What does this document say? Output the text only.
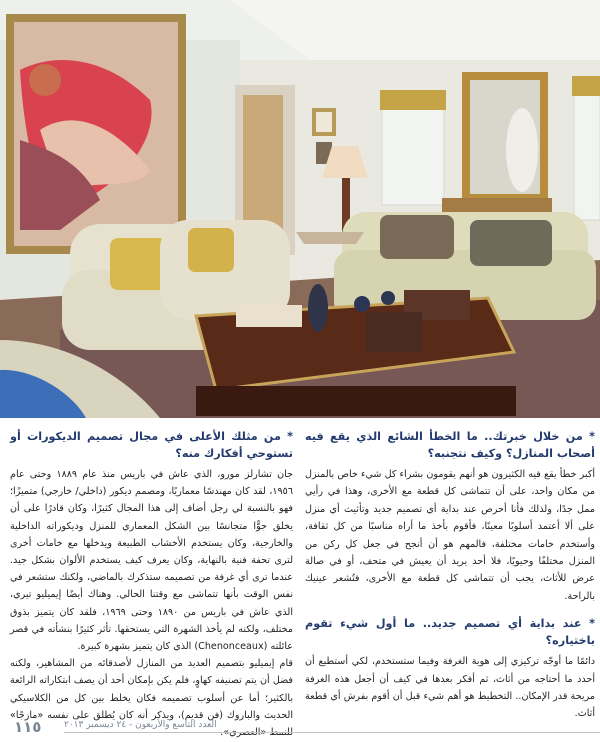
* من خلال خبرتك.. ما الخطأ الشائع الذي يقع فيه أصحاب المنازل؟ وكيف نتجنبه؟

أكبر خطأ يقع فيه الكثيرون هو أنهم يقومون بشراء كل شيء خاص بالمنزل من مكان واحد، على أن تتماشى كل قطعة مع الأخرى، وهذا في رأيي ممل جدًا، ولذلك فأنا أحرص عند بداية أي تصميم جديد وتأثيث أي منزل على ألا أعتمد أسلوبًا معينًا، فأقوم بأخذ ما أراه مناسبًا من كل ثقافة، وأستخدم خامات مختلفة، فالمهم هو أن أنجح في جعل كل ركن من المنزل مختلفًا وحيويًا، فلا أحد يريد أن يعيش في متحف، أو في صالة عرض للأثاث، يجب أن تتماشى كل قطعة مع الأخرى، فتُشعر عينيك بالراحة.

* عند بداية أي تصميم جديد.. ما أول شيء تقوم باختياره؟

دائمًا ما أوجّه تركيزي إلى هوية الغرفة وفيما ستستخدم، لكي أستطيع أن أحدد ما أحتاجه من أثاث، ثم أفكر بعدها في كيف أن أجعل هذه الغرفة مريحة قدر الإمكان.. التخطيط هو أهم شيء قبل أن أقوم بفرش أي قطعة أثاث.

* من مثلك الأعلى في مجال تصميم الديكورات أو تستوحي أفكارك منه؟

جان تشارلز مورو، الذي عاش في باريس منذ عام ١٨٨٩ وحتى عام ١٩٥٦، لقد كان مهندسًا معماريًا، ومصمم ديكور (داخلي/ خارجي) متميزًا؛ فهو بالنسبة لي رجل أضاف إلى هذا المجال كثيرًا، وكان قادرًا على أن يخلق جوًّا متجانسًا بين الشكل المعماري للمنزل وديكوراته الداخلية والخارجية، وكان يستخدم الأخشاب الطبيعة ويدخلها مع خامات أخرى لترى تحفة فنية بالنهاية، وكان يعرف كيف يستخدم الألوان بشكل جيد. عندما ترى أي غرفة من تصميمه ستذكرك بالماضي، ولكنك ستشعر في نفس الوقت بأنها تتماشى مع وقتنا الحالي. وهناك أيضًا إيميليو تيري، الذي عاش في باريس من ١٨٩٠ وحتى ١٩٦٩، فلقد كان يتميز بذوق مختلف، ولكنه لم يأخذ الشهرة التي يستحقها. تأثر كثيرًا بنشأته في قصر عائلته (Chenonceaux) الذي كان يتميز بشهرة كبيرة.

قام إيميليو بتصميم العديد من المنازل لأصدقائه من المشاهير، ولكنه فضل أن يتم تصنيفه كهاوٍ، فلم يكن بإمكان أحد أن يصف ابتكاراته الرائعة بالكثير؛ أما عن أسلوب تصميمه فكان يخلط بين كل من الكلاسيكي الحديث والباروك (فن قديم)، ويذكر أنه كان يُطلق على نفسه «مازجًا»

١١٥	العدد التاسع والأربعون - ٢٤ ديسمبر ٢٠١٣
